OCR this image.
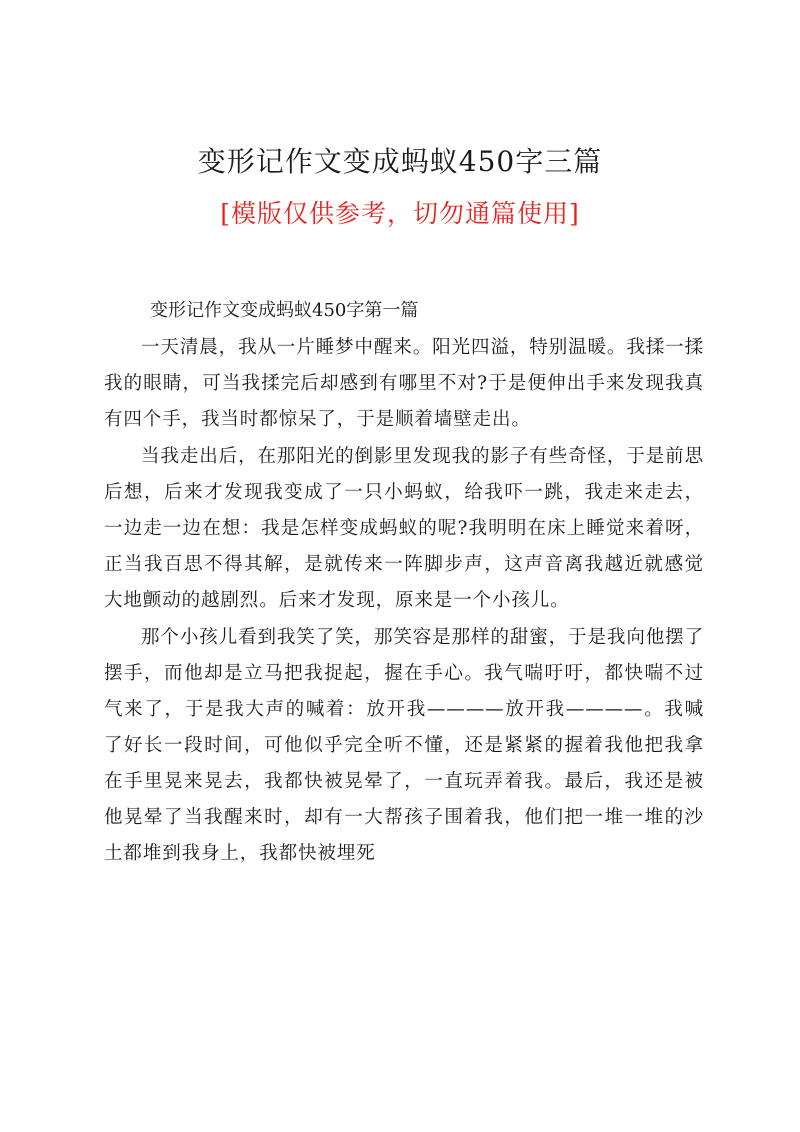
变形记作文变成蚂蚁450字三篇
[模版仅供参考，切勿通篇使用]
变形记作文变成蚂蚁450字第一篇

一天清晨，我从一片睡梦中醒来。阳光四溢，特别温暖。我揉一揉我的眼睛，可当我揉完后却感到有哪里不对?于是便伸出手来发现我真有四个手，我当时都惊呆了，于是顺着墙壁走出。

当我走出后，在那阳光的倒影里发现我的影子有些奇怪，于是前思后想，后来才发现我变成了一只小蚂蚁，给我吓一跳，我走来走去，一边走一边在想：我是怎样变成蚂蚁的呢?我明明在床上睡觉来着呀，正当我百思不得其解，是就传来一阵脚步声，这声音离我越近就感觉大地颤动的越剧烈。后来才发现，原来是一个小孩儿。

那个小孩儿看到我笑了笑，那笑容是那样的甜蜜，于是我向他摆了摆手，而他却是立马把我捉起，握在手心。我气喘吁吁，都快喘不过气来了，于是我大声的喊着：放开我————放开我————。我喊了好长一段时间，可他似乎完全听不懂，还是紧紧的握着我他把我拿在手里晃来晃去，我都快被晃晕了，一直玩弄着我。最后，我还是被他晃晕了当我醒来时，却有一大帮孩子围着我，他们把一堆一堆的沙土都堆到我身上，我都快被埋死
